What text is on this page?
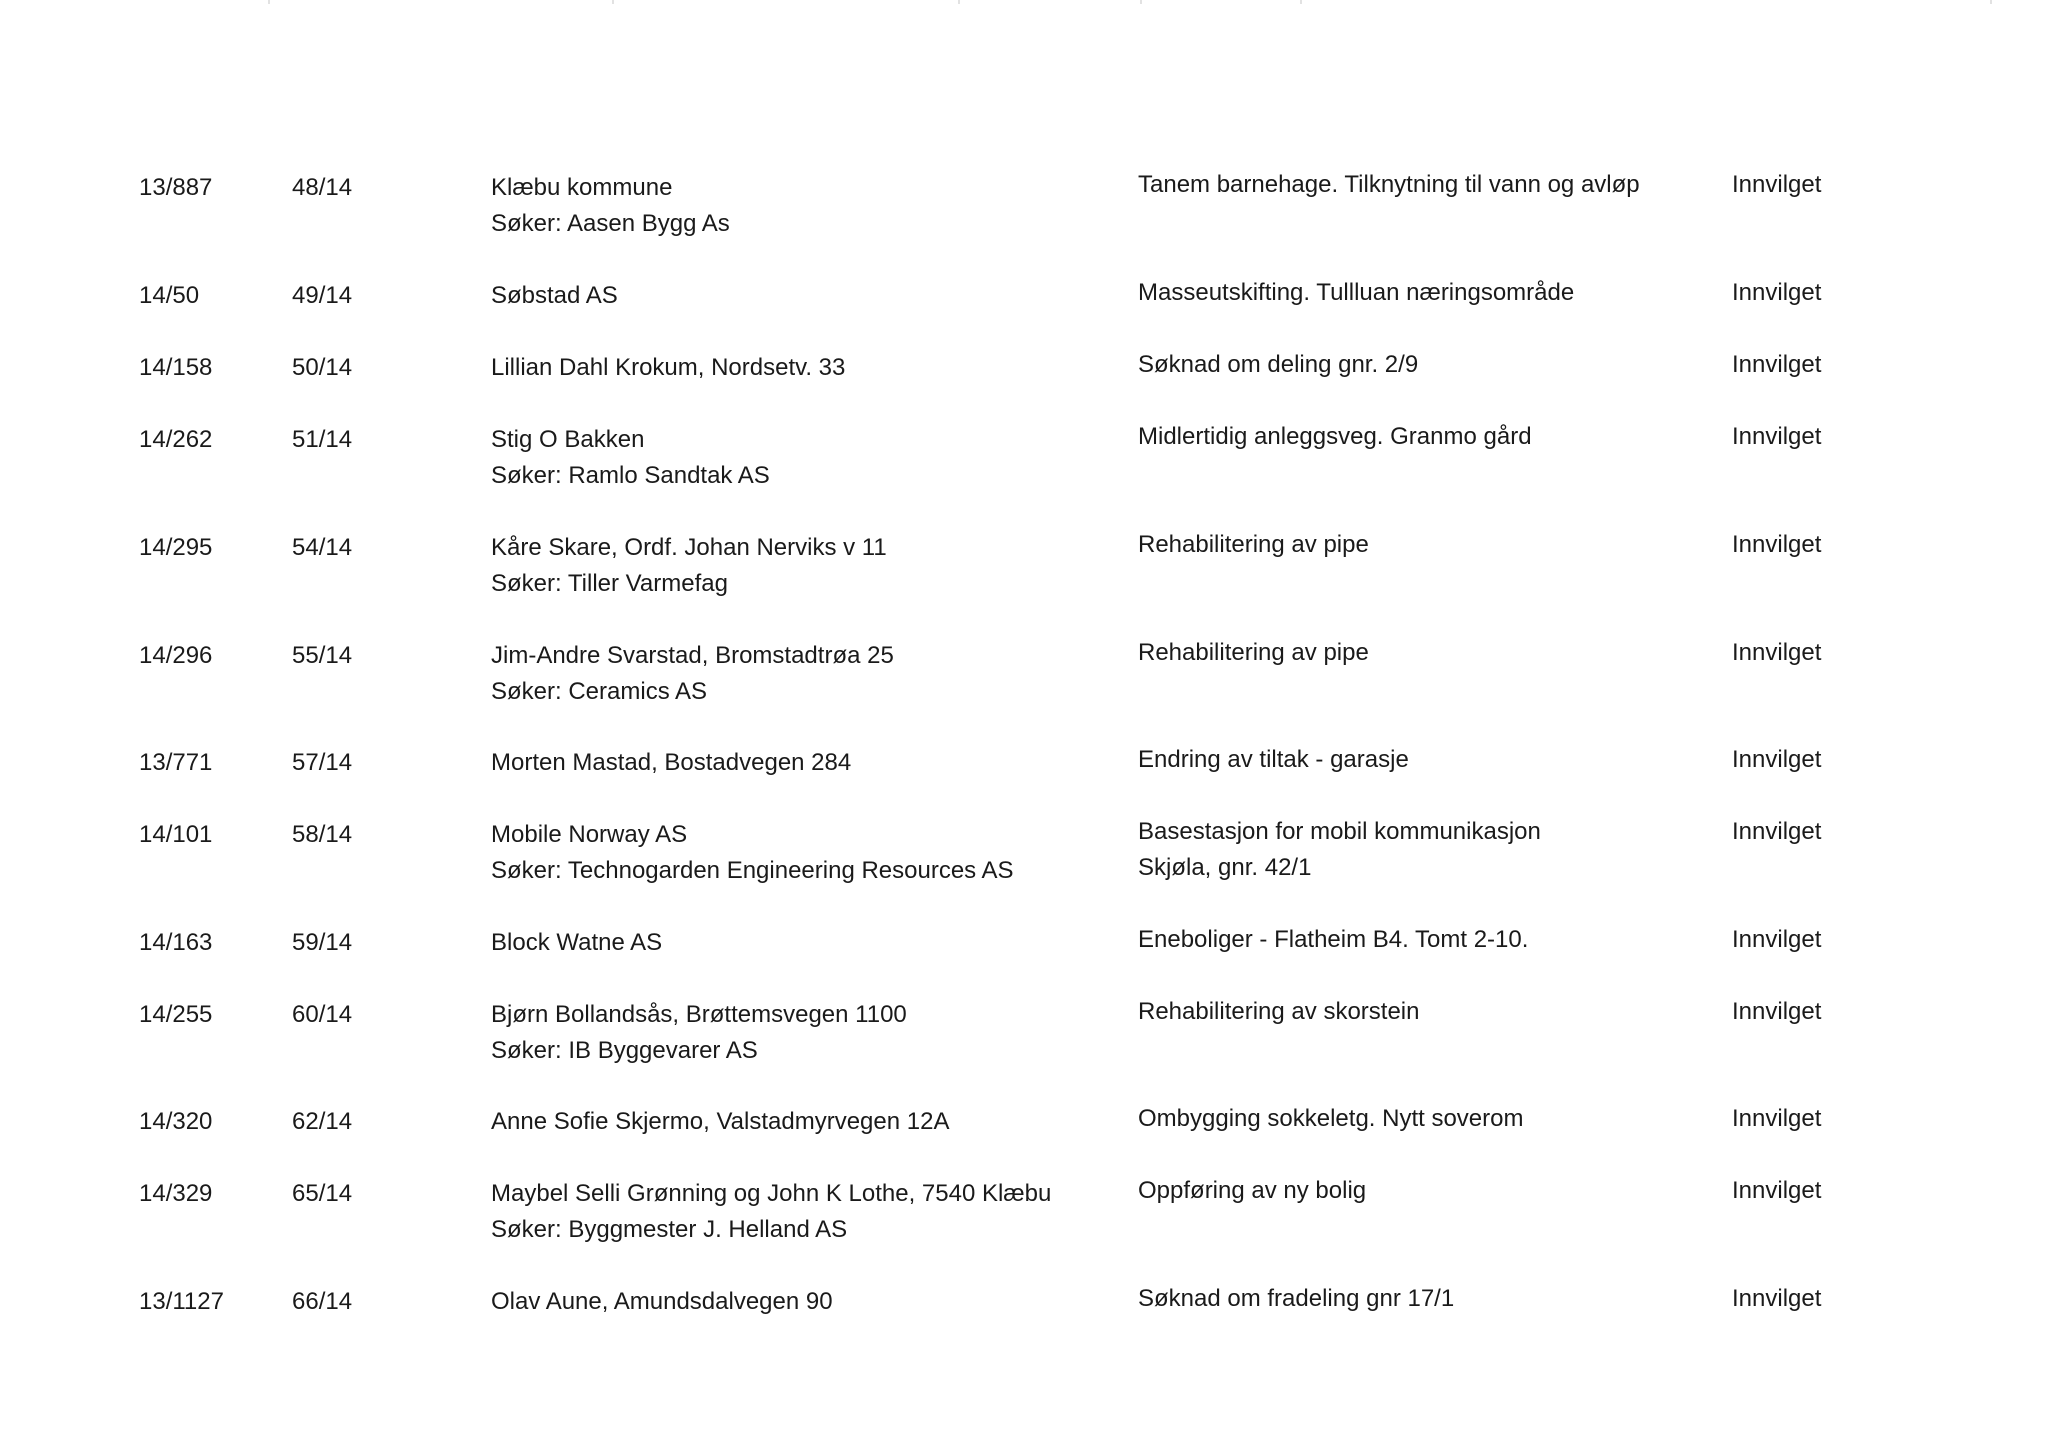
13/887	48/14	Klæbu kommune
Søker: Aasen Bygg As
Tanem barnehage. Tilknytning til vann og avløp	Innvilget
14/50	49/14	Søbstad AS	Masseutskifting. Tullluan næringsområde	Innvilget
14/158	50/14	Lillian Dahl Krokum, Nordsetv. 33	Søknad om deling gnr. 2/9	Innvilget
14/262	51/14	Stig O Bakken
Søker: Ramlo Sandtak AS
Midlertidig anleggsveg. Granmo gård	Innvilget
14/295	54/14	Kåre Skare, Ordf. Johan Nerviks v 11
Søker: Tiller Varmefag
Rehabilitering av pipe	Innvilget
14/296	55/14	Jim-Andre Svarstad, Bromstadtrøa 25
Søker: Ceramics AS
Rehabilitering av pipe	Innvilget
13/771	57/14	Morten Mastad, Bostadvegen 284	Endring av tiltak - garasje	Innvilget
14/101	58/14	Mobile Norway AS
Søker: Technogarden Engineering Resources AS
Basestasjon for mobil kommunikasjon
Skjøla, gnr. 42/1
Innvilget
14/163	59/14	Block Watne AS	Eneboliger - Flatheim B4. Tomt 2-10.	Innvilget
14/255	60/14	Bjørn Bollandsås, Brøttemsvegen 1100
Søker: IB Byggevarer AS
Rehabilitering av skorstein	Innvilget
14/320	62/14	Anne Sofie Skjermo, Valstadmyrvegen 12A	Ombygging sokkeletg. Nytt soverom	Innvilget
14/329	65/14	Maybel Selli Grønning og John K Lothe, 7540 Klæbu
Søker: Byggmester J. Helland AS
Oppføring av ny bolig	Innvilget
13/1127	66/14	Olav Aune, Amundsdalvegen 90	Søknad om fradeling gnr 17/1	Innvilget
